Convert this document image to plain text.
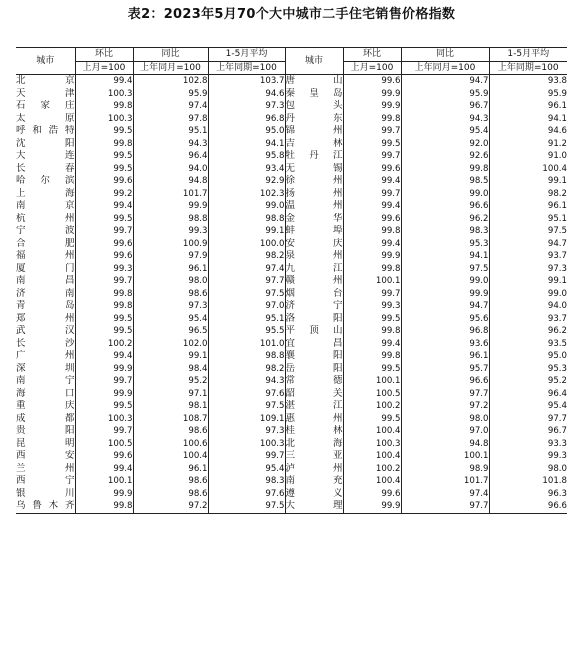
表2：2023年5月70个大中城市二手住宅销售价格指数
城市	环比	同比	1-5月平均	城市	环比	同比	1-5月平均
	上月=100	上年同月=100	上年同期=100		上月=100	上年同月=100	上年同期=100
北京	99.4	102.8	103.7	唐山	99.6	94.7	93.8
天津	100.3	95.9	94.6	秦皇岛	99.9	95.9	95.9
石家庄	99.8	97.4	97.3	包头	99.9	96.7	96.1
太原	100.3	97.8	96.8	丹东	99.8	94.3	94.1
呼和浩特	99.5	95.1	95.0	锦州	99.7	95.4	94.6
沈阳	99.8	94.3	94.1	吉林	99.5	92.0	91.2
大连	99.5	96.4	95.8	牡丹江	99.7	92.6	91.0
长春	99.5	94.0	93.4	无锡	99.6	99.8	100.4
哈尔滨	99.6	94.8	92.9	徐州	99.4	98.5	99.1
上海	99.2	101.7	102.3	扬州	99.7	99.0	98.2
南京	99.4	99.9	99.0	温州	99.4	96.6	96.1
杭州	99.5	98.8	98.8	金华	99.6	96.2	95.1
宁波	99.7	99.3	99.1	蚌埠	99.8	98.3	97.5
合肥	99.6	100.9	100.0	安庆	99.4	95.3	94.7
福州	99.6	97.9	98.2	泉州	99.9	94.1	93.7
厦门	99.3	96.1	97.4	九江	99.8	97.5	97.3
南昌	99.7	98.0	97.7	赣州	100.1	99.0	99.1
济南	99.8	98.6	97.5	烟台	99.7	99.9	99.0
青岛	99.8	97.3	97.0	济宁	99.3	94.7	94.0
郑州	99.5	95.4	95.1	洛阳	99.5	95.6	93.7
武汉	99.5	96.5	95.5	平顶山	99.8	96.8	96.2
长沙	100.2	102.0	101.0	宜昌	99.4	93.6	93.5
广州	99.4	99.1	98.8	襄阳	99.8	96.1	95.0
深圳	99.9	98.4	98.2	岳阳	99.5	95.7	95.3
南宁	99.7	95.2	94.3	常德	100.1	96.6	95.2
海口	99.9	97.1	97.6	韶关	100.5	97.7	96.4
重庆	99.5	98.1	97.5	湛江	100.2	97.2	95.4
成都	100.3	108.7	109.1	惠州	99.5	98.0	97.7
贵阳	99.7	98.6	97.3	桂林	100.4	97.0	96.7
昆明	100.5	100.6	100.3	北海	100.3	94.8	93.3
西安	99.6	100.4	99.7	三亚	100.4	100.1	99.3
兰州	99.4	96.1	95.4	泸州	100.2	98.9	98.0
西宁	100.1	98.6	98.3	南充	100.4	101.7	101.8
银川	99.9	98.6	97.6	遵义	99.6	97.4	96.3
乌鲁木齐	99.8	97.2	97.5	大理	99.9	97.7	96.6
